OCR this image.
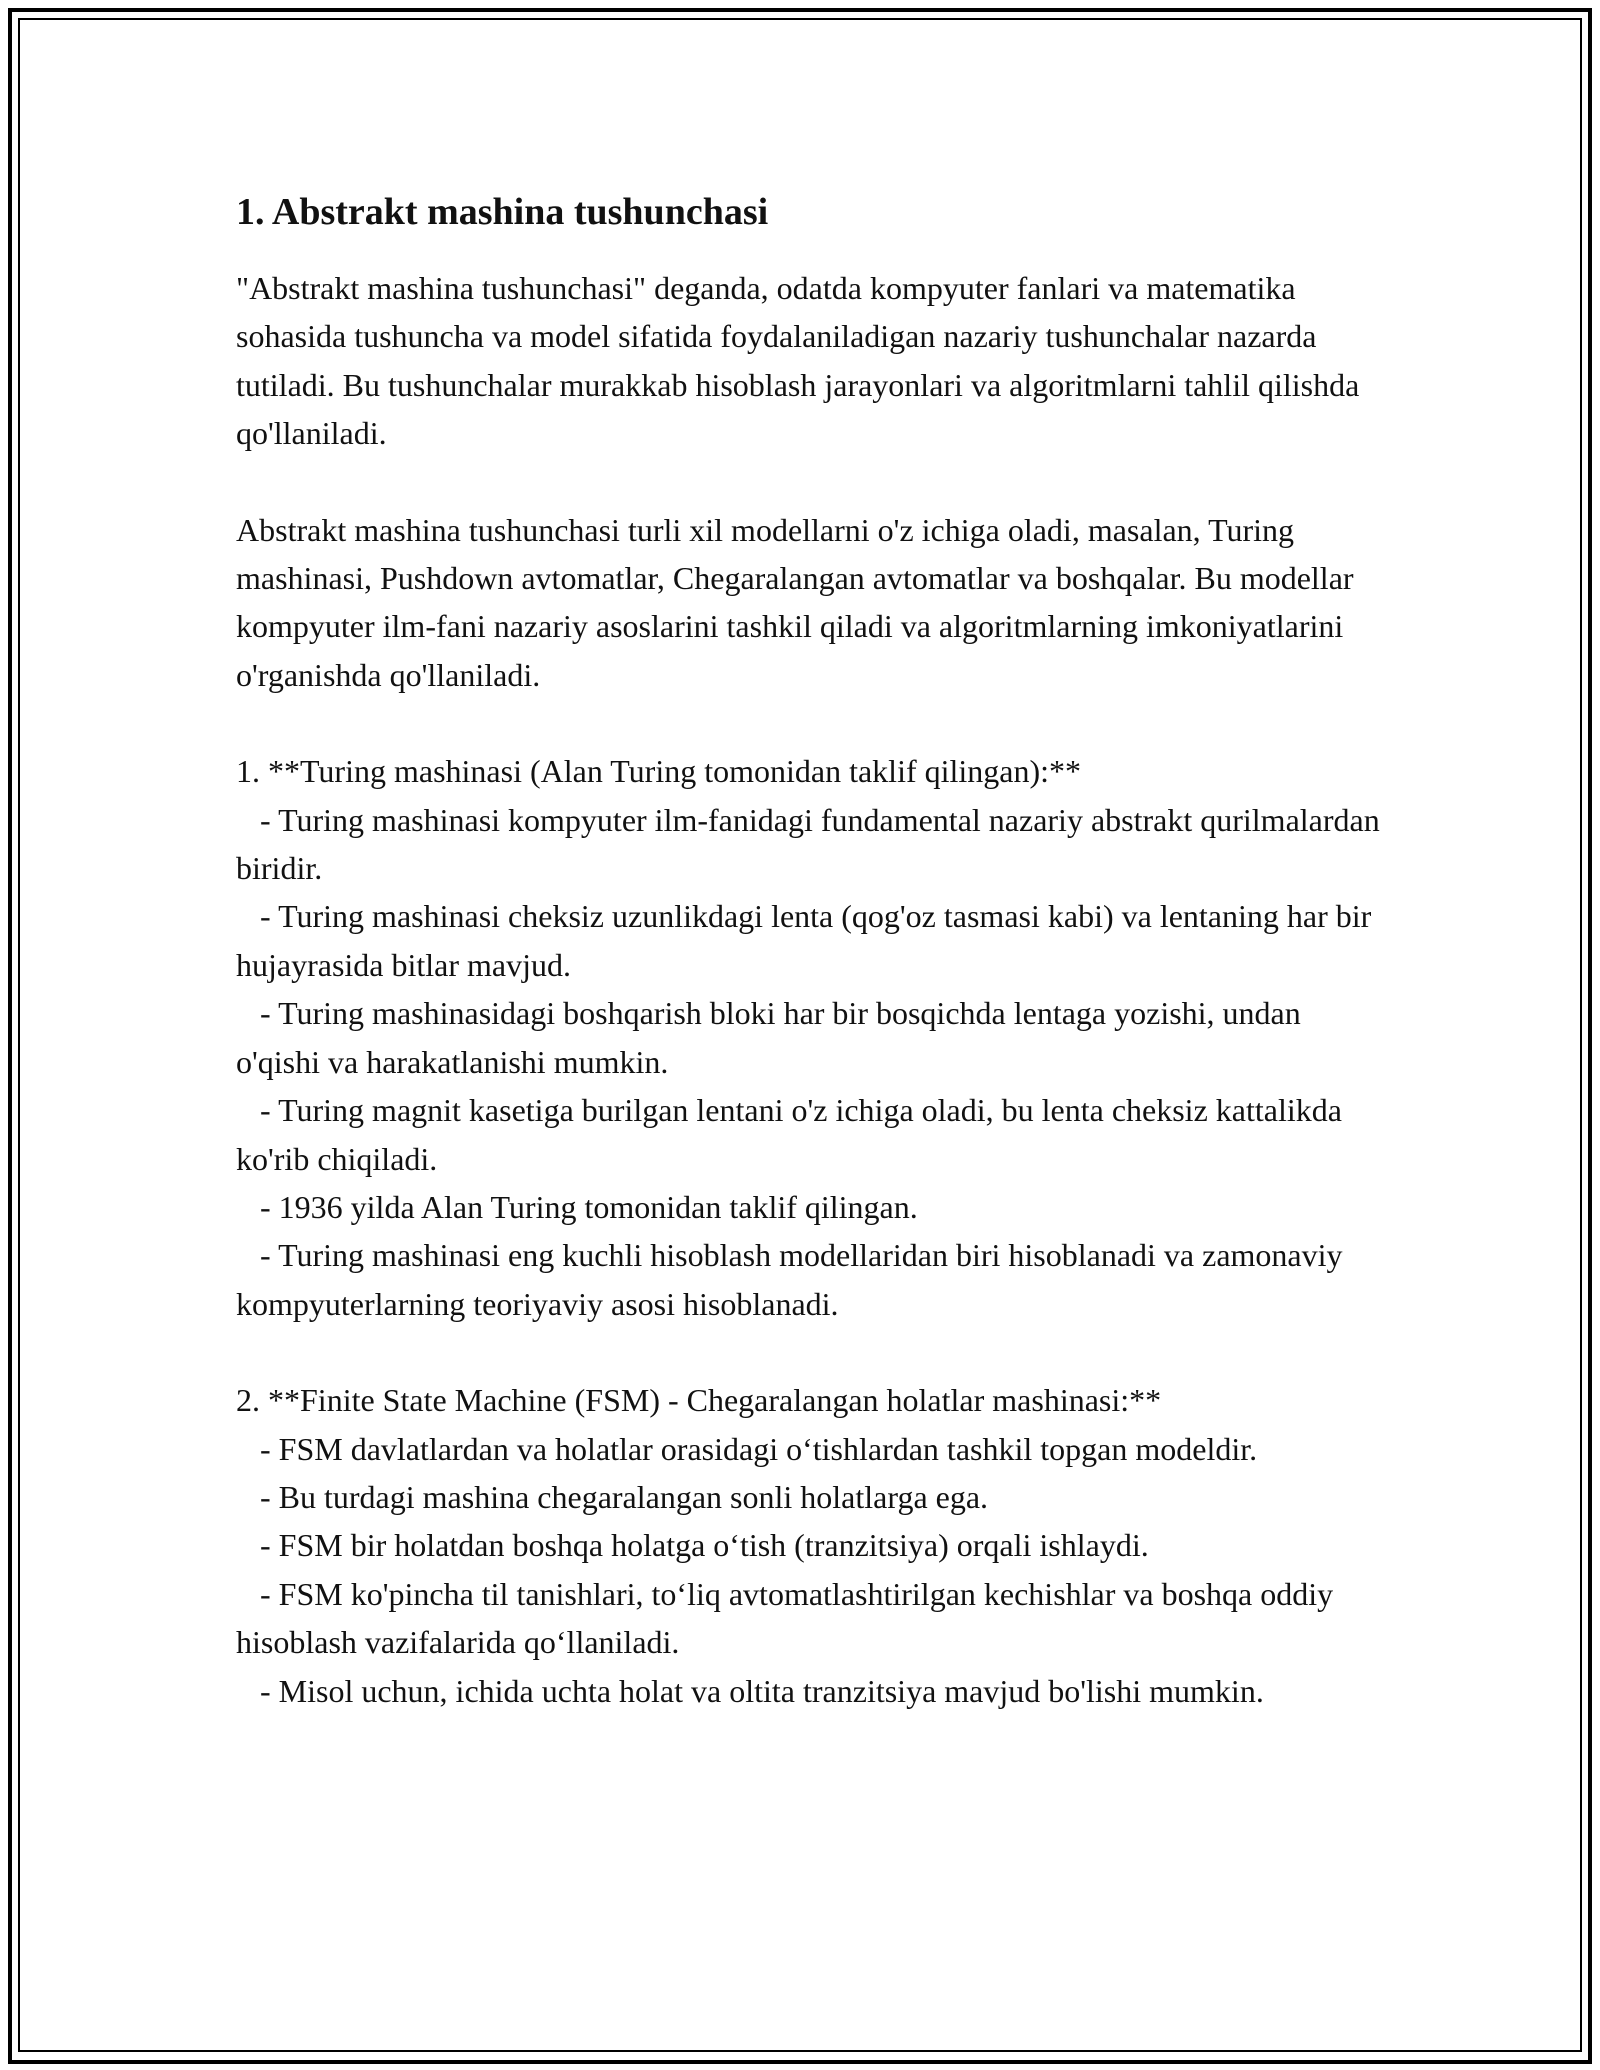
1. Abstrakt mashina tushunchasi

"Abstrakt mashina tushunchasi" deganda, odatda kompyuter fanlari va matematika sohasida tushuncha va model sifatida foydalaniladigan nazariy tushunchalar nazarda tutiladi. Bu tushunchalar murakkab hisoblash jarayonlari va algoritmlarni tahlil qilishda qo'llaniladi.

Abstrakt mashina tushunchasi turli xil modellarni o'z ichiga oladi, masalan, Turing mashinasi, Pushdown avtomatlar, Chegaralangan avtomatlar va boshqalar. Bu modellar kompyuter ilm-fani nazariy asoslarini tashkil qiladi va algoritmlarning imkoniyatlarini o'rganishda qo'llaniladi.

1. **Turing mashinasi (Alan Turing tomonidan taklif qilingan):**
- Turing mashinasi kompyuter ilm-fanidagi fundamental nazariy abstrakt qurilmalardan biridir.
- Turing mashinasi cheksiz uzunlikdagi lenta (qog'oz tasmasi kabi) va lentaning har bir hujayrasida bitlar mavjud.
- Turing mashinasidagi boshqarish bloki har bir bosqichda lentaga yozishi, undan o'qishi va harakatlanishi mumkin.
- Turing magnit kasetiga burilgan lentani o'z ichiga oladi, bu lenta cheksiz kattalikda ko'rib chiqiladi.
- 1936 yilda Alan Turing tomonidan taklif qilingan.
- Turing mashinasi eng kuchli hisoblash modellaridan biri hisoblanadi va zamonaviy kompyuterlarning teoriyaviy asosi hisoblanadi.
2. **Finite State Machine (FSM) - Chegaralangan holatlar mashinasi:**
- FSM davlatlardan va holatlar orasidagi o‘tishlardan tashkil topgan modeldir.
- Bu turdagi mashina chegaralangan sonli holatlarga ega.
- FSM bir holatdan boshqa holatga o‘tish (tranzitsiya) orqali ishlaydi.
- FSM ko'pincha til tanishlari, to‘liq avtomatlashtirilgan kechishlar va boshqa oddiy hisoblash vazifalarida qo‘llaniladi.
- Misol uchun, ichida uchta holat va oltita tranzitsiya mavjud bo'lishi mumkin.
